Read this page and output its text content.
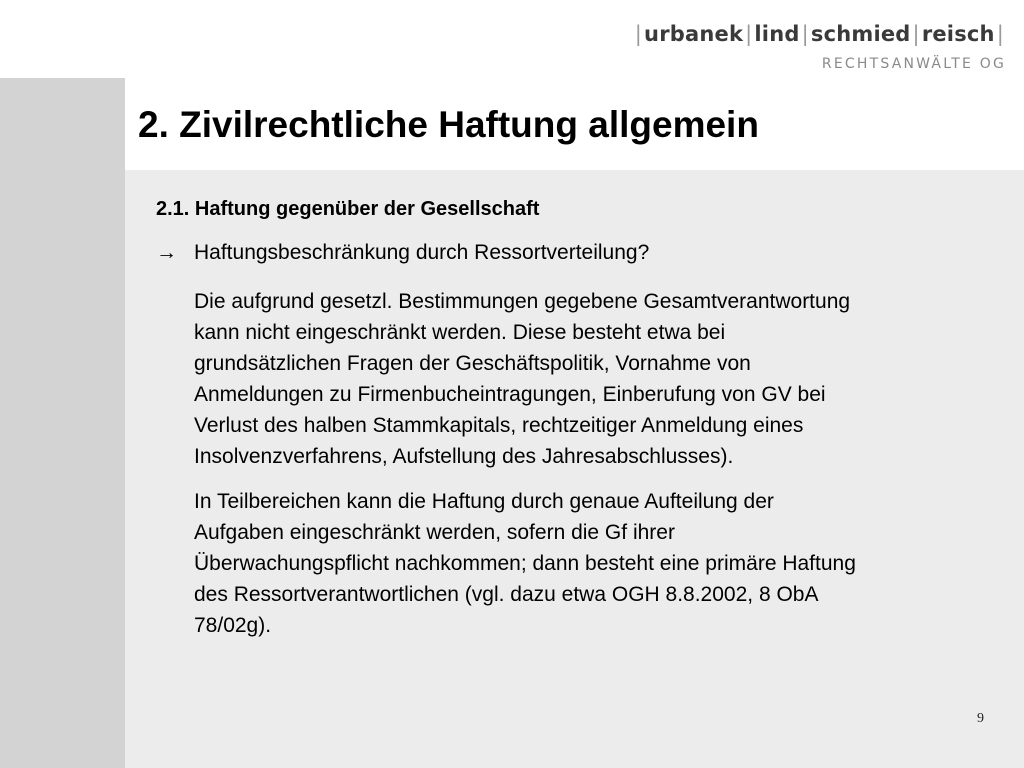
|urbanek|lind|schmied|reisch|
RECHTSANWÄLTE OG
2. Zivilrechtliche Haftung allgemein
2.1. Haftung gegenüber der Gesellschaft
→ Haftungsbeschränkung durch Ressortverteilung?

Die aufgrund gesetzl. Bestimmungen gegebene Gesamtverantwortung
kann nicht eingeschränkt werden. Diese besteht etwa bei
grundsätzlichen Fragen der Geschäftspolitik, Vornahme von
Anmeldungen zu Firmenbucheintragungen, Einberufung von GV bei
Verlust des halben Stammkapitals, rechtzeitiger Anmeldung eines
Insolvenzverfahrens, Aufstellung des Jahresabschlusses).

In Teilbereichen kann die Haftung durch genaue Aufteilung der
Aufgaben eingeschränkt werden, sofern die Gf ihrer
Überwachungspflicht nachkommen; dann besteht eine primäre Haftung
des Ressortverantwortlichen (vgl. dazu etwa OGH 8.8.2002, 8 ObA
78/02g).

9
